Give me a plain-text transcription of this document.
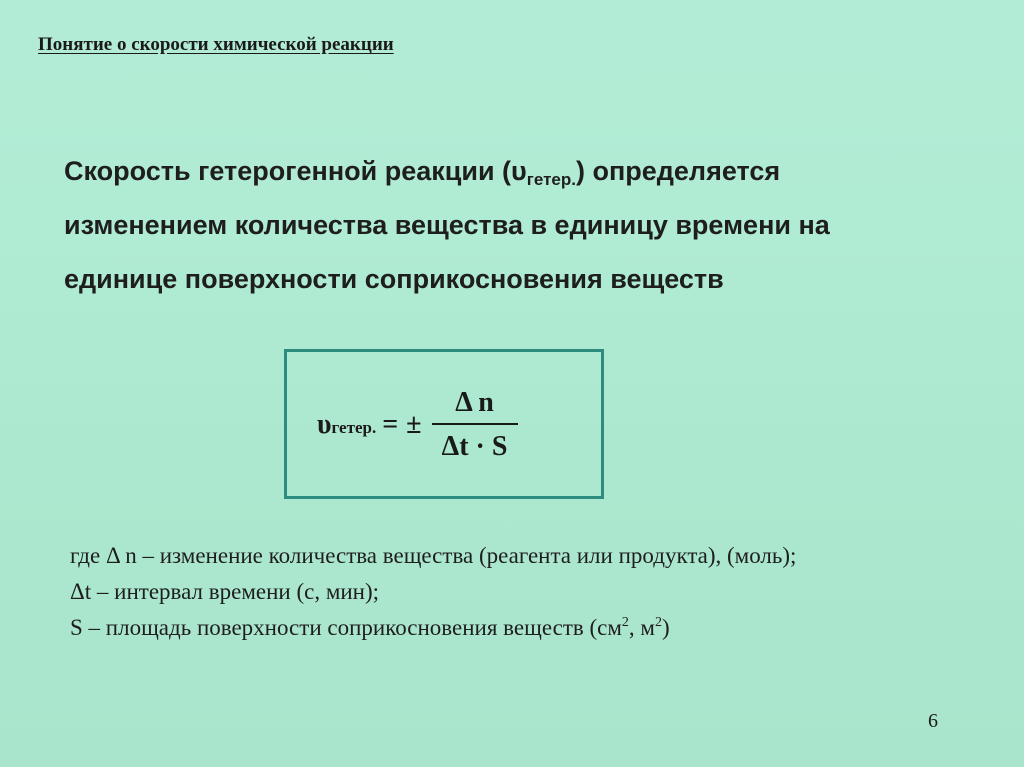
Понятие о скорости химической реакции
Скорость гетерогенной реакции $(\upsilon_{гетер.})$ определяется
изменением количества вещества в единицу времени на
единице поверхности соприкосновения веществ
υ гетер. = ± $\frac{\text{Δ n}}{\Delta t \cdot S}$
где Δ n – изменение количества вещества (реагента или продукта), (моль);
Δt – интервал времени (с, мин);
S – площадь поверхности соприкосновения веществ ($см^2$, $м^2$)
6
